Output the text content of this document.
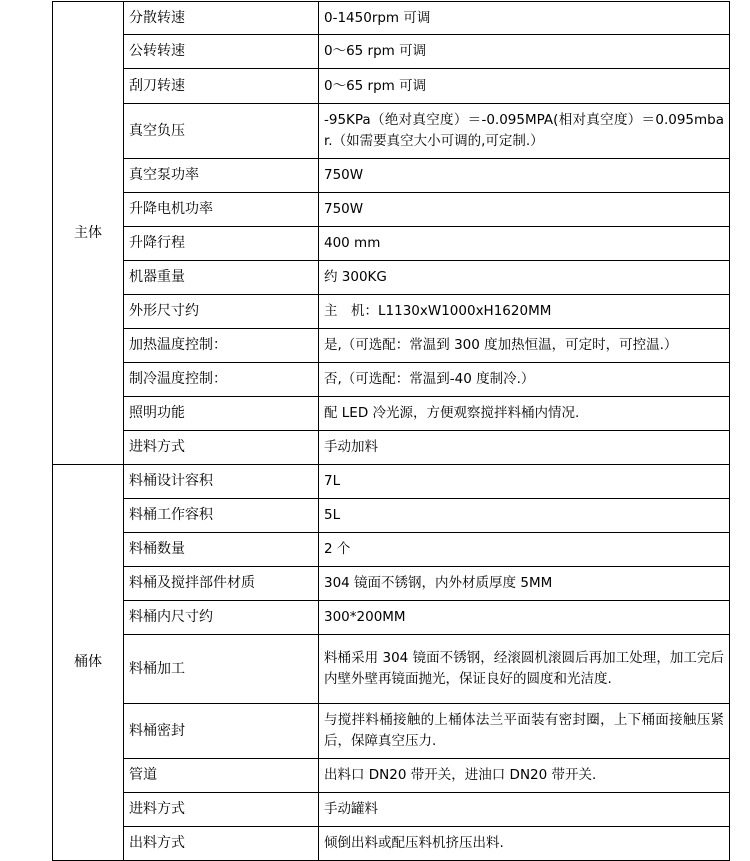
主体	分散转速	0-1450rpm 可调
	公转转速	0～65 rpm 可调
	刮刀转速	0～65 rpm 可调
	真空负压	-95KPa（绝对真空度）＝-0.095MPA(相对真空度）＝0.095mbar.（如需要真空大小可调的,可定制.）
	真空泵功率	750W
	升降电机功率	750W
	升降行程	400 mm
	机器重量	约 300KG
	外形尺寸约	主　机：L1130xW1000xH1620MM
	加热温度控制：	是,（可选配：常温到 300 度加热恒温，可定时，可控温.）
	制冷温度控制：	否,（可选配：常温到-40 度制冷.）
	照明功能	配 LED 冷光源，方便观察搅拌料桶内情况.
	进料方式	手动加料
桶体	料桶设计容积	7L
	料桶工作容积	5L
	料桶数量	2 个
	料桶及搅拌部件材质	304 镜面不锈钢，内外材质厚度 5MM
	料桶内尺寸约	300*200MM
	料桶加工	料桶采用 304 镜面不锈钢，经滚圆机滚圆后再加工处理，加工完后内壁外壁再镜面抛光，保证良好的圆度和光洁度.
	料桶密封	与搅拌料桶接触的上桶体法兰平面装有密封圈，上下桶面接触压紧后，保障真空压力.
	管道	出料口 DN20 带开关，进油口 DN20 带开关.
	进料方式	手动罐料
	出料方式	倾倒出料或配压料机挤压出料.
